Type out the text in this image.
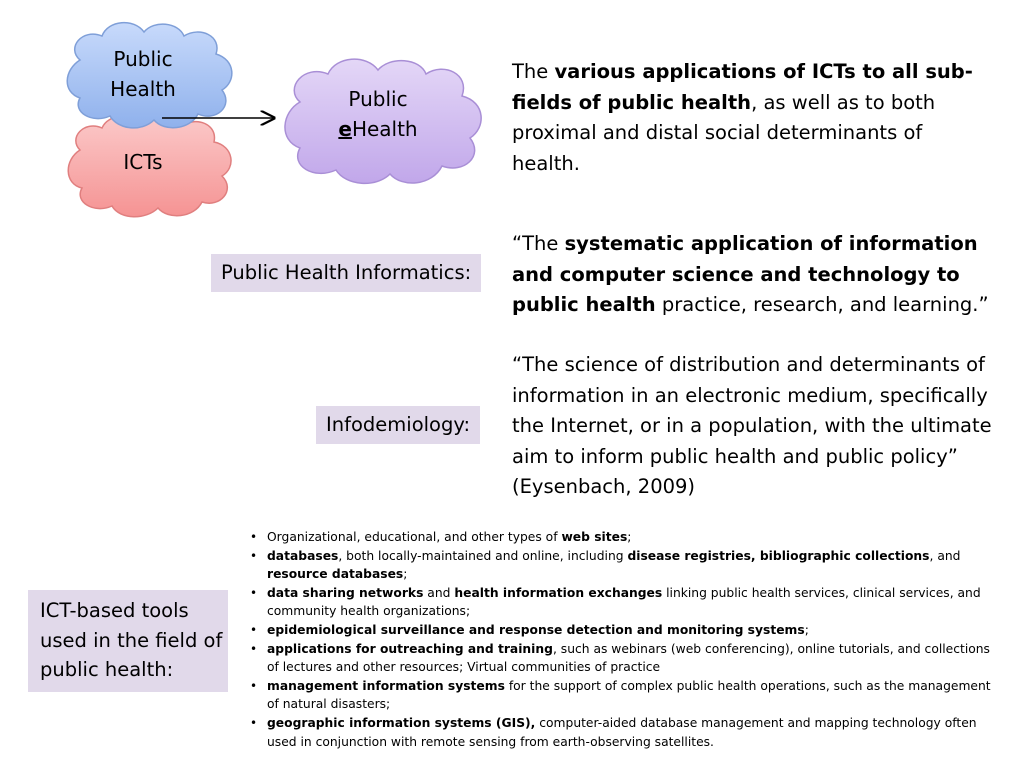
Public
Health
ICTs
Public
eHealth
The various applications of ICTs to all sub-fields of public health, as well as to both proximal and distal social determinants of health.
Public Health Informatics:
“The systematic application of information and computer science and technology to public health practice, research, and learning.”
Infodemiology:
“The science of distribution and determinants of information in an electronic medium, specifically the Internet, or in a population, with the ultimate aim to inform public health and public policy” (Eysenbach, 2009)
ICT-based tools used in the field of public health:
• Organizational, educational, and other types of web sites;
• databases, both locally-maintained and online, including disease registries, bibliographic collections, and resource databases;
• data sharing networks and health information exchanges linking public health services, clinical services, and community health organizations;
• epidemiological surveillance and response detection and monitoring systems;
• applications for outreaching and training, such as webinars (web conferencing), online tutorials, and collections of lectures and other resources; Virtual communities of practice
• management information systems for the support of complex public health operations, such as the management of natural disasters;
• geographic information systems (GIS), computer-aided database management and mapping technology often used in conjunction with remote sensing from earth-observing satellites.
